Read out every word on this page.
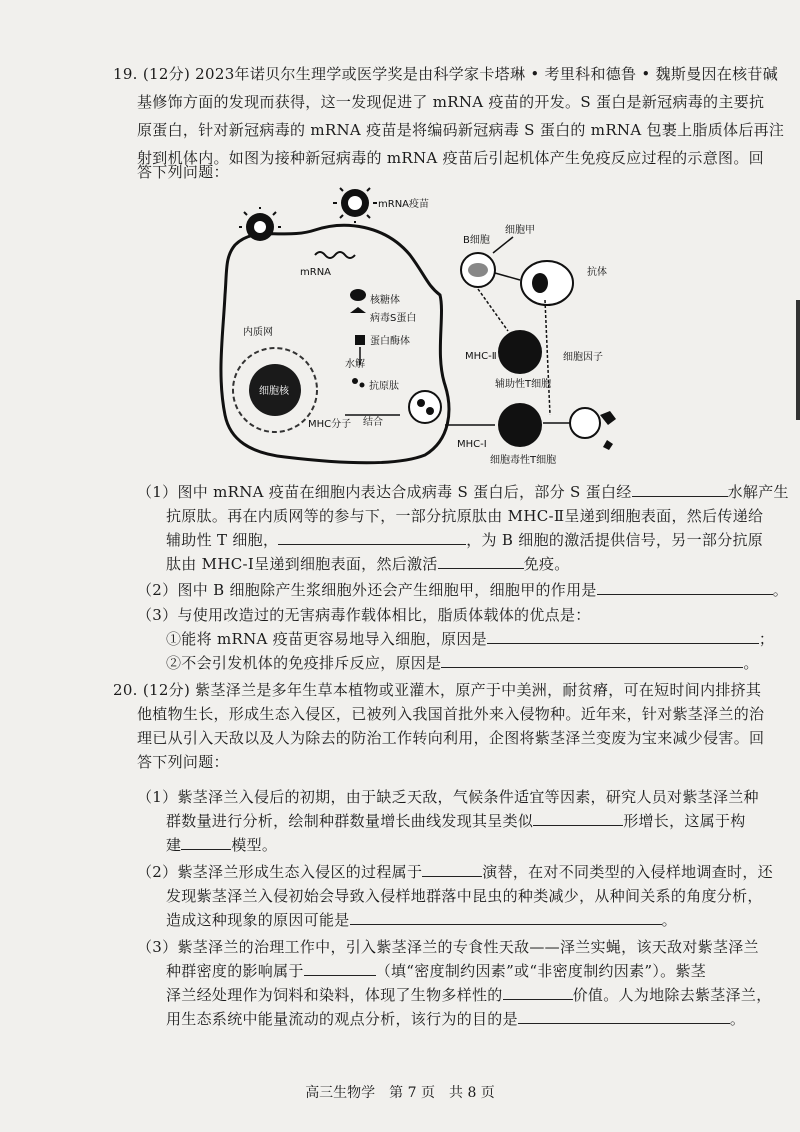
19. (12分) 2023年诺贝尔生理学或医学奖是由科学家卡塔琳 • 考里科和德鲁 • 魏斯曼因在核苷碱
基修饰方面的发现而获得，这一发现促进了 mRNA 疫苗的开发。S 蛋白是新冠病毒的主要抗
原蛋白，针对新冠病毒的 mRNA 疫苗是将编码新冠病毒 S 蛋白的 mRNA 包裹上脂质体后再注
射到机体内。如图为接种新冠病毒的 mRNA 疫苗后引起机体产生免疫反应过程的示意图。回
答下列问题：
mRNA疫苗
mRNA
核糖体
病毒S蛋白
蛋白酶体
水解
抗原肽
内质网
细胞核
MHC分子 结合
B细胞
细胞甲
抗体
MHC-Ⅱ
辅助性T细胞
细胞因子
MHC-Ⅰ
细胞毒性T细胞
（1）图中 mRNA 疫苗在细胞内表达合成病毒 S 蛋白后，部分 S 蛋白经	水解产生
抗原肽。再在内质网等的参与下，一部分抗原肽由 MHC-Ⅱ呈递到细胞表面，然后传递给
辅助性 T 细胞，	，为 B 细胞的激活提供信号，另一部分抗原
肽由 MHC-Ⅰ呈递到细胞表面，然后激活	免疫。
（2）图中 B 细胞除产生浆细胞外还会产生细胞甲，细胞甲的作用是	。
（3）与使用改造过的无害病毒作载体相比，脂质体载体的优点是：
①能将 mRNA 疫苗更容易地导入细胞，原因是	；
②不会引发机体的免疫排斥反应，原因是	。
20. (12分) 紫茎泽兰是多年生草本植物或亚灌木，原产于中美洲，耐贫瘠，可在短时间内排挤其
他植物生长，形成生态入侵区，已被列入我国首批外来入侵物种。近年来，针对紫茎泽兰的治
理已从引入天敌以及人为除去的防治工作转向利用，企图将紫茎泽兰变废为宝来减少侵害。回
答下列问题：
（1）紫茎泽兰入侵后的初期，由于缺乏天敌，气候条件适宜等因素，研究人员对紫茎泽兰种
群数量进行分析，绘制种群数量增长曲线发现其呈类似	形增长，这属于构
建	模型。
（2）紫茎泽兰形成生态入侵区的过程属于	演替，在对不同类型的入侵样地调查时，还
发现紫茎泽兰入侵初始会导致入侵样地群落中昆虫的种类减少，从种间关系的角度分析，
造成这种现象的原因可能是	。
（3）紫茎泽兰的治理工作中，引入紫茎泽兰的专食性天敌——泽兰实蝇，该天敌对紫茎泽兰
种群密度的影响属于	（填“密度制约因素”或“非密度制约因素”）。紫茎
泽兰经处理作为饲料和染料，体现了生物多样性的	价值。人为地除去紫茎泽兰，
用生态系统中能量流动的观点分析，该行为的目的是	。
高三生物学　第 7 页　共 8 页
